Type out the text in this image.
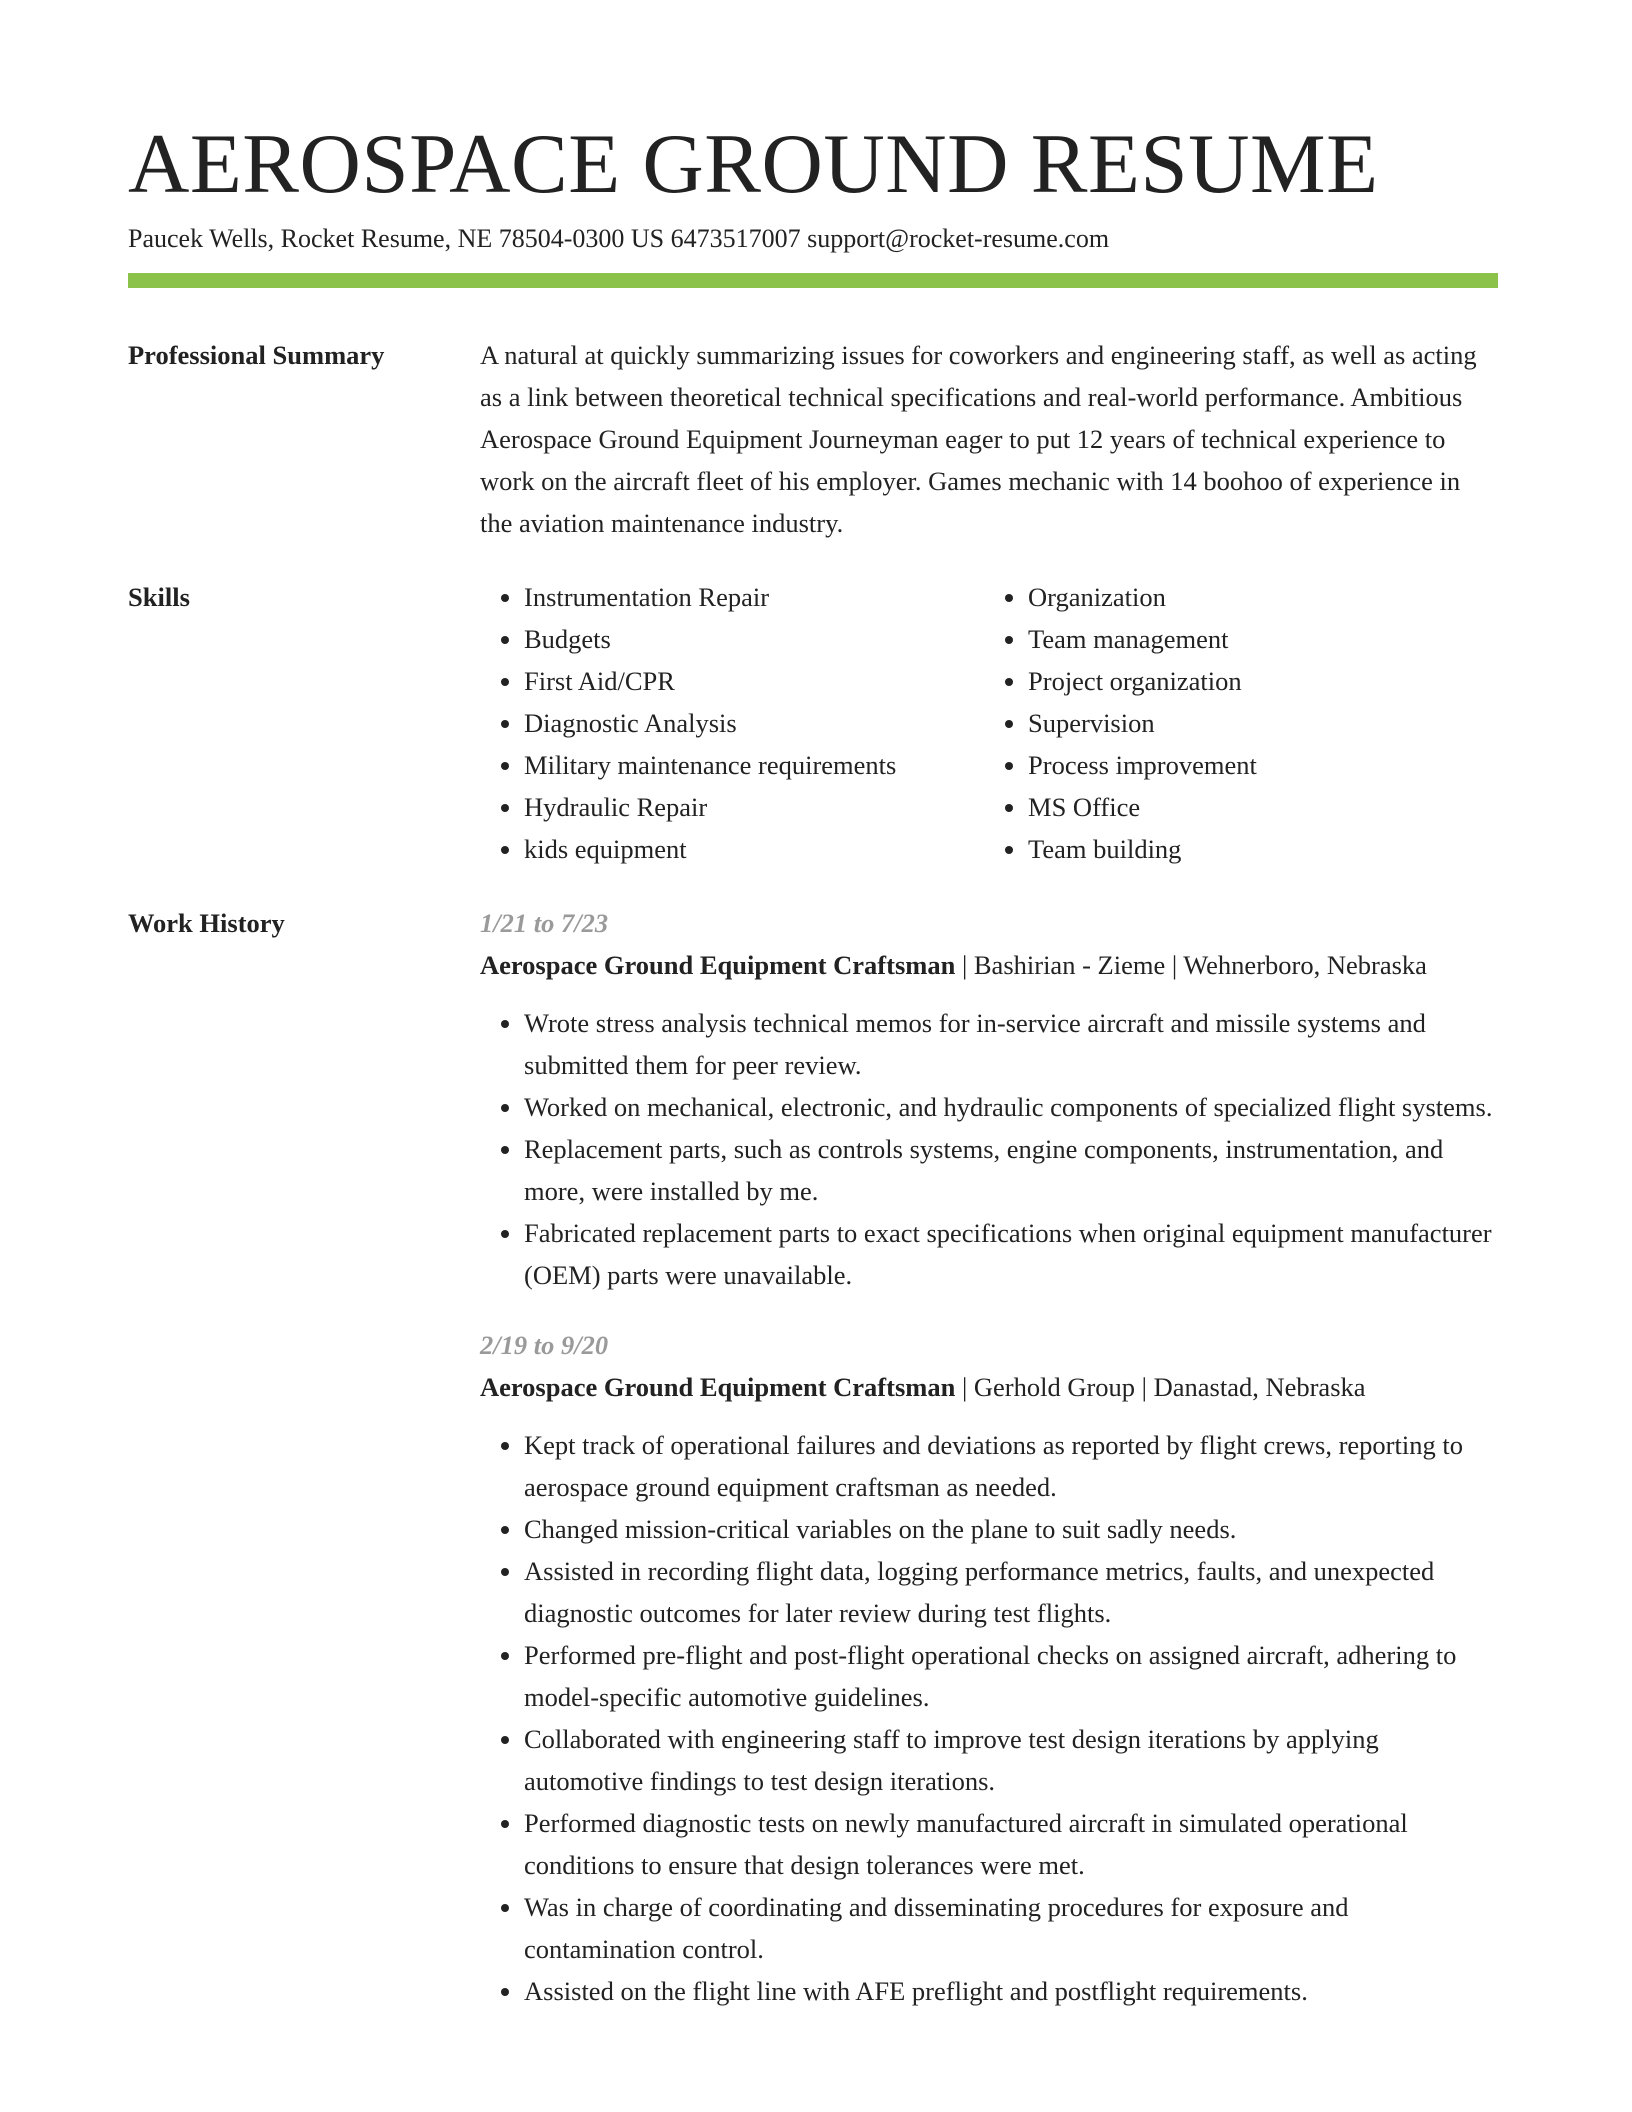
AEROSPACE GROUND RESUME
Paucek Wells, Rocket Resume, NE 78504-0300 US 6473517007 support@rocket-resume.com
Professional Summary	A natural at quickly summarizing issues for coworkers and engineering staff, as well as acting as a link between theoretical technical specifications and real-world performance. Ambitious Aerospace Ground Equipment Journeyman eager to put 12 years of technical experience to work on the aircraft fleet of his employer. Games mechanic with 14 boohoo of experience in the aviation maintenance industry.

Skills
•	Instrumentation Repair
• Budgets
• First Aid/CPR
• Diagnostic Analysis
• Military maintenance requirements
• Hydraulic Repair
• kids equipment
• Organization
• Team management
• Project organization
• Supervision
• Process improvement
• MS Office
• Team building
Work History	1/21 to 7/23
Aerospace Ground Equipment Craftsman | Bashirian - Zieme | Wehnerboro, Nebraska
• Wrote stress analysis technical memos for in-service aircraft and missile systems and submitted them for peer review.
• Worked on mechanical, electronic, and hydraulic components of specialized flight systems.
• Replacement parts, such as controls systems, engine components, instrumentation, and more, were installed by me.
• Fabricated replacement parts to exact specifications when original equipment manufacturer (OEM) parts were unavailable.
2/19 to 9/20
Aerospace Ground Equipment Craftsman | Gerhold Group | Danastad, Nebraska
• Kept track of operational failures and deviations as reported by flight crews, reporting to aerospace ground equipment craftsman as needed.
• Changed mission-critical variables on the plane to suit sadly needs.
• Assisted in recording flight data, logging performance metrics, faults, and unexpected diagnostic outcomes for later review during test flights.
• Performed pre-flight and post-flight operational checks on assigned aircraft, adhering to model-specific automotive guidelines.
• Collaborated with engineering staff to improve test design iterations by applying automotive findings to test design iterations.
• Performed diagnostic tests on newly manufactured aircraft in simulated operational conditions to ensure that design tolerances were met.
• Was in charge of coordinating and disseminating procedures for exposure and contamination control.
• Assisted on the flight line with AFE preflight and postflight requirements.
